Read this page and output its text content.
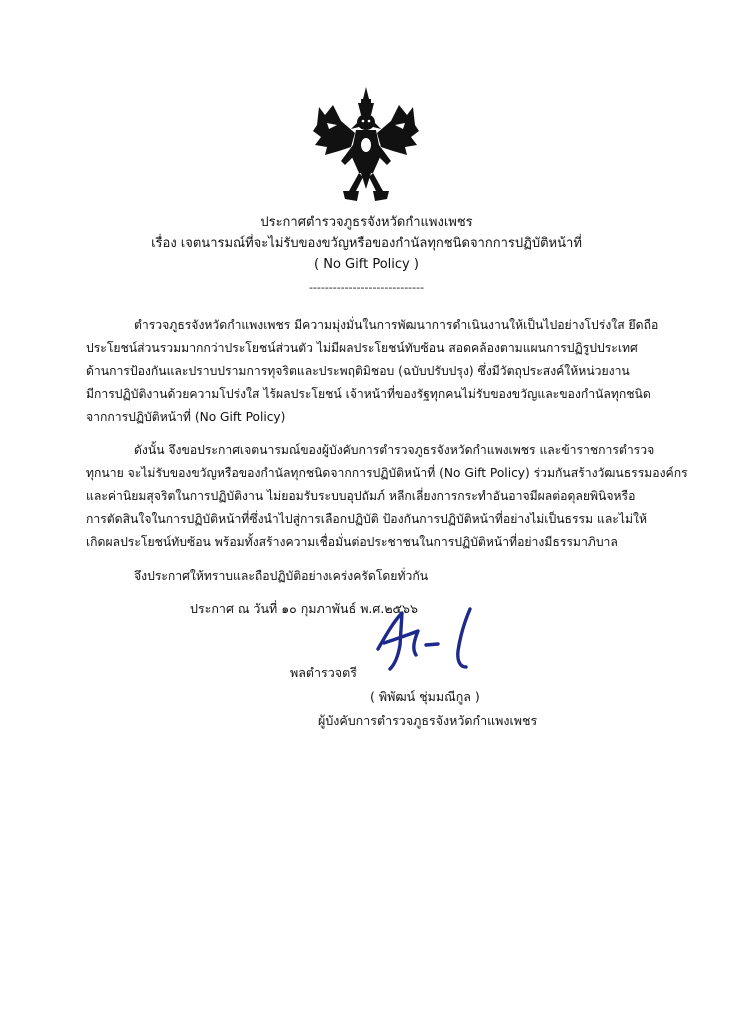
ประกาศตำรวจภูธรจังหวัดกำแพงเพชร
เรื่อง เจตนารมณ์ที่จะไม่รับของขวัญหรือของกำนัลทุกชนิดจากการปฏิบัติหน้าที่
( No Gift Policy )
-----------------------------
ตำรวจภูธรจังหวัดกำแพงเพชร มีความมุ่งมั่นในการพัฒนาการดำเนินงานให้เป็นไปอย่างโปร่งใส ยึดถือ
ประโยชน์ส่วนรวมมากกว่าประโยชน์ส่วนตัว ไม่มีผลประโยชน์ทับซ้อน สอดคล้องตามแผนการปฏิรูปประเทศ
ด้านการป้องกันและปราบปรามการทุจริตและประพฤติมิชอบ (ฉบับปรับปรุง) ซึ่งมีวัตถุประสงค์ให้หน่วยงาน
มีการปฏิบัติงานด้วยความโปร่งใส ไร้ผลประโยชน์ เจ้าหน้าที่ของรัฐทุกคนไม่รับของขวัญและของกำนัลทุกชนิด
จากการปฏิบัติหน้าที่ (No Gift Policy)
ดังนั้น จึงขอประกาศเจตนารมณ์ของผู้บังคับการตำรวจภูธรจังหวัดกำแพงเพชร และข้าราชการตำรวจ
ทุกนาย จะไม่รับของขวัญหรือของกำนัลทุกชนิดจากการปฏิบัติหน้าที่ (No Gift Policy) ร่วมกันสร้างวัฒนธรรมองค์กร
และค่านิยมสุจริตในการปฏิบัติงาน ไม่ยอมรับระบบอุปถัมภ์ หลีกเลี่ยงการกระทำอันอาจมีผลต่อดุลยพินิจหรือ
การตัดสินใจในการปฏิบัติหน้าที่ซึ่งนำไปสู่การเลือกปฏิบัติ ป้องกันการปฏิบัติหน้าที่อย่างไม่เป็นธรรม และไม่ให้
เกิดผลประโยชน์ทับซ้อน พร้อมทั้งสร้างความเชื่อมั่นต่อประชาชนในการปฏิบัติหน้าที่อย่างมีธรรมาภิบาล
จึงประกาศให้ทราบและถือปฏิบัติอย่างเคร่งครัดโดยทั่วกัน
ประกาศ ณ วันที่ ๑๐ กุมภาพันธ์ พ.ศ.๒๕๖๖
พลตำรวจตรี
( พิพัฒน์ ชุ่มมณีกูล )
ผู้บังคับการตำรวจภูธรจังหวัดกำแพงเพชร
